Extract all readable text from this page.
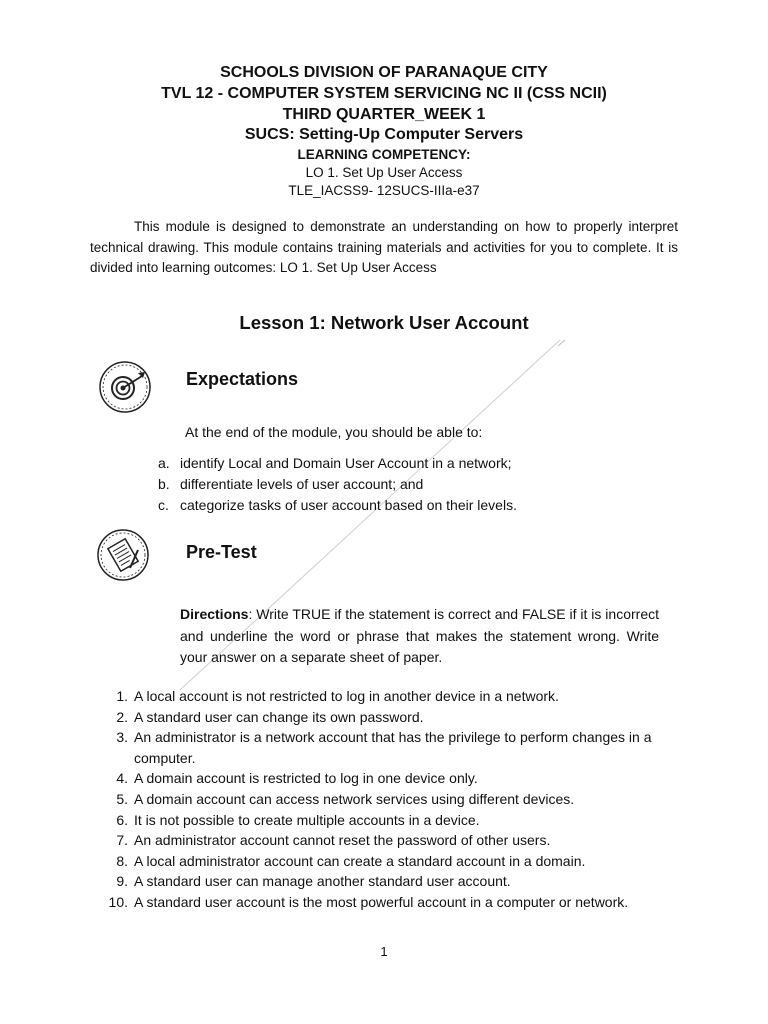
SCHOOLS DIVISION OF PARANAQUE CITY
TVL 12 - COMPUTER SYSTEM SERVICING NC II (CSS NCII)
THIRD QUARTER_WEEK 1
SUCS: Setting-Up Computer Servers
LEARNING COMPETENCY:
LO 1. Set Up User Access
TLE_IACSS9- 12SUCS-IIIa-e37
This module is designed to demonstrate an understanding on how to properly interpret technical drawing. This module contains training materials and activities for you to complete. It is divided into learning outcomes: LO 1. Set Up User Access
Lesson 1: Network User Account
Expectations
At the end of the module, you should be able to:
a. identify Local and Domain User Account in a network;
b. differentiate levels of user account; and
c. categorize tasks of user account based on their levels.
Pre-Test
Directions: Write TRUE if the statement is correct and FALSE if it is incorrect and underline the word or phrase that makes the statement wrong. Write your answer on a separate sheet of paper.
1. A local account is not restricted to log in another device in a network.
2. A standard user can change its own password.
3. An administrator is a network account that has the privilege to perform changes in a computer.
4. A domain account is restricted to log in one device only.
5. A domain account can access network services using different devices.
6. It is not possible to create multiple accounts in a device.
7. An administrator account cannot reset the password of other users.
8. A local administrator account can create a standard account in a domain.
9. A standard user can manage another standard user account.
10. A standard user account is the most powerful account in a computer or network.
1
